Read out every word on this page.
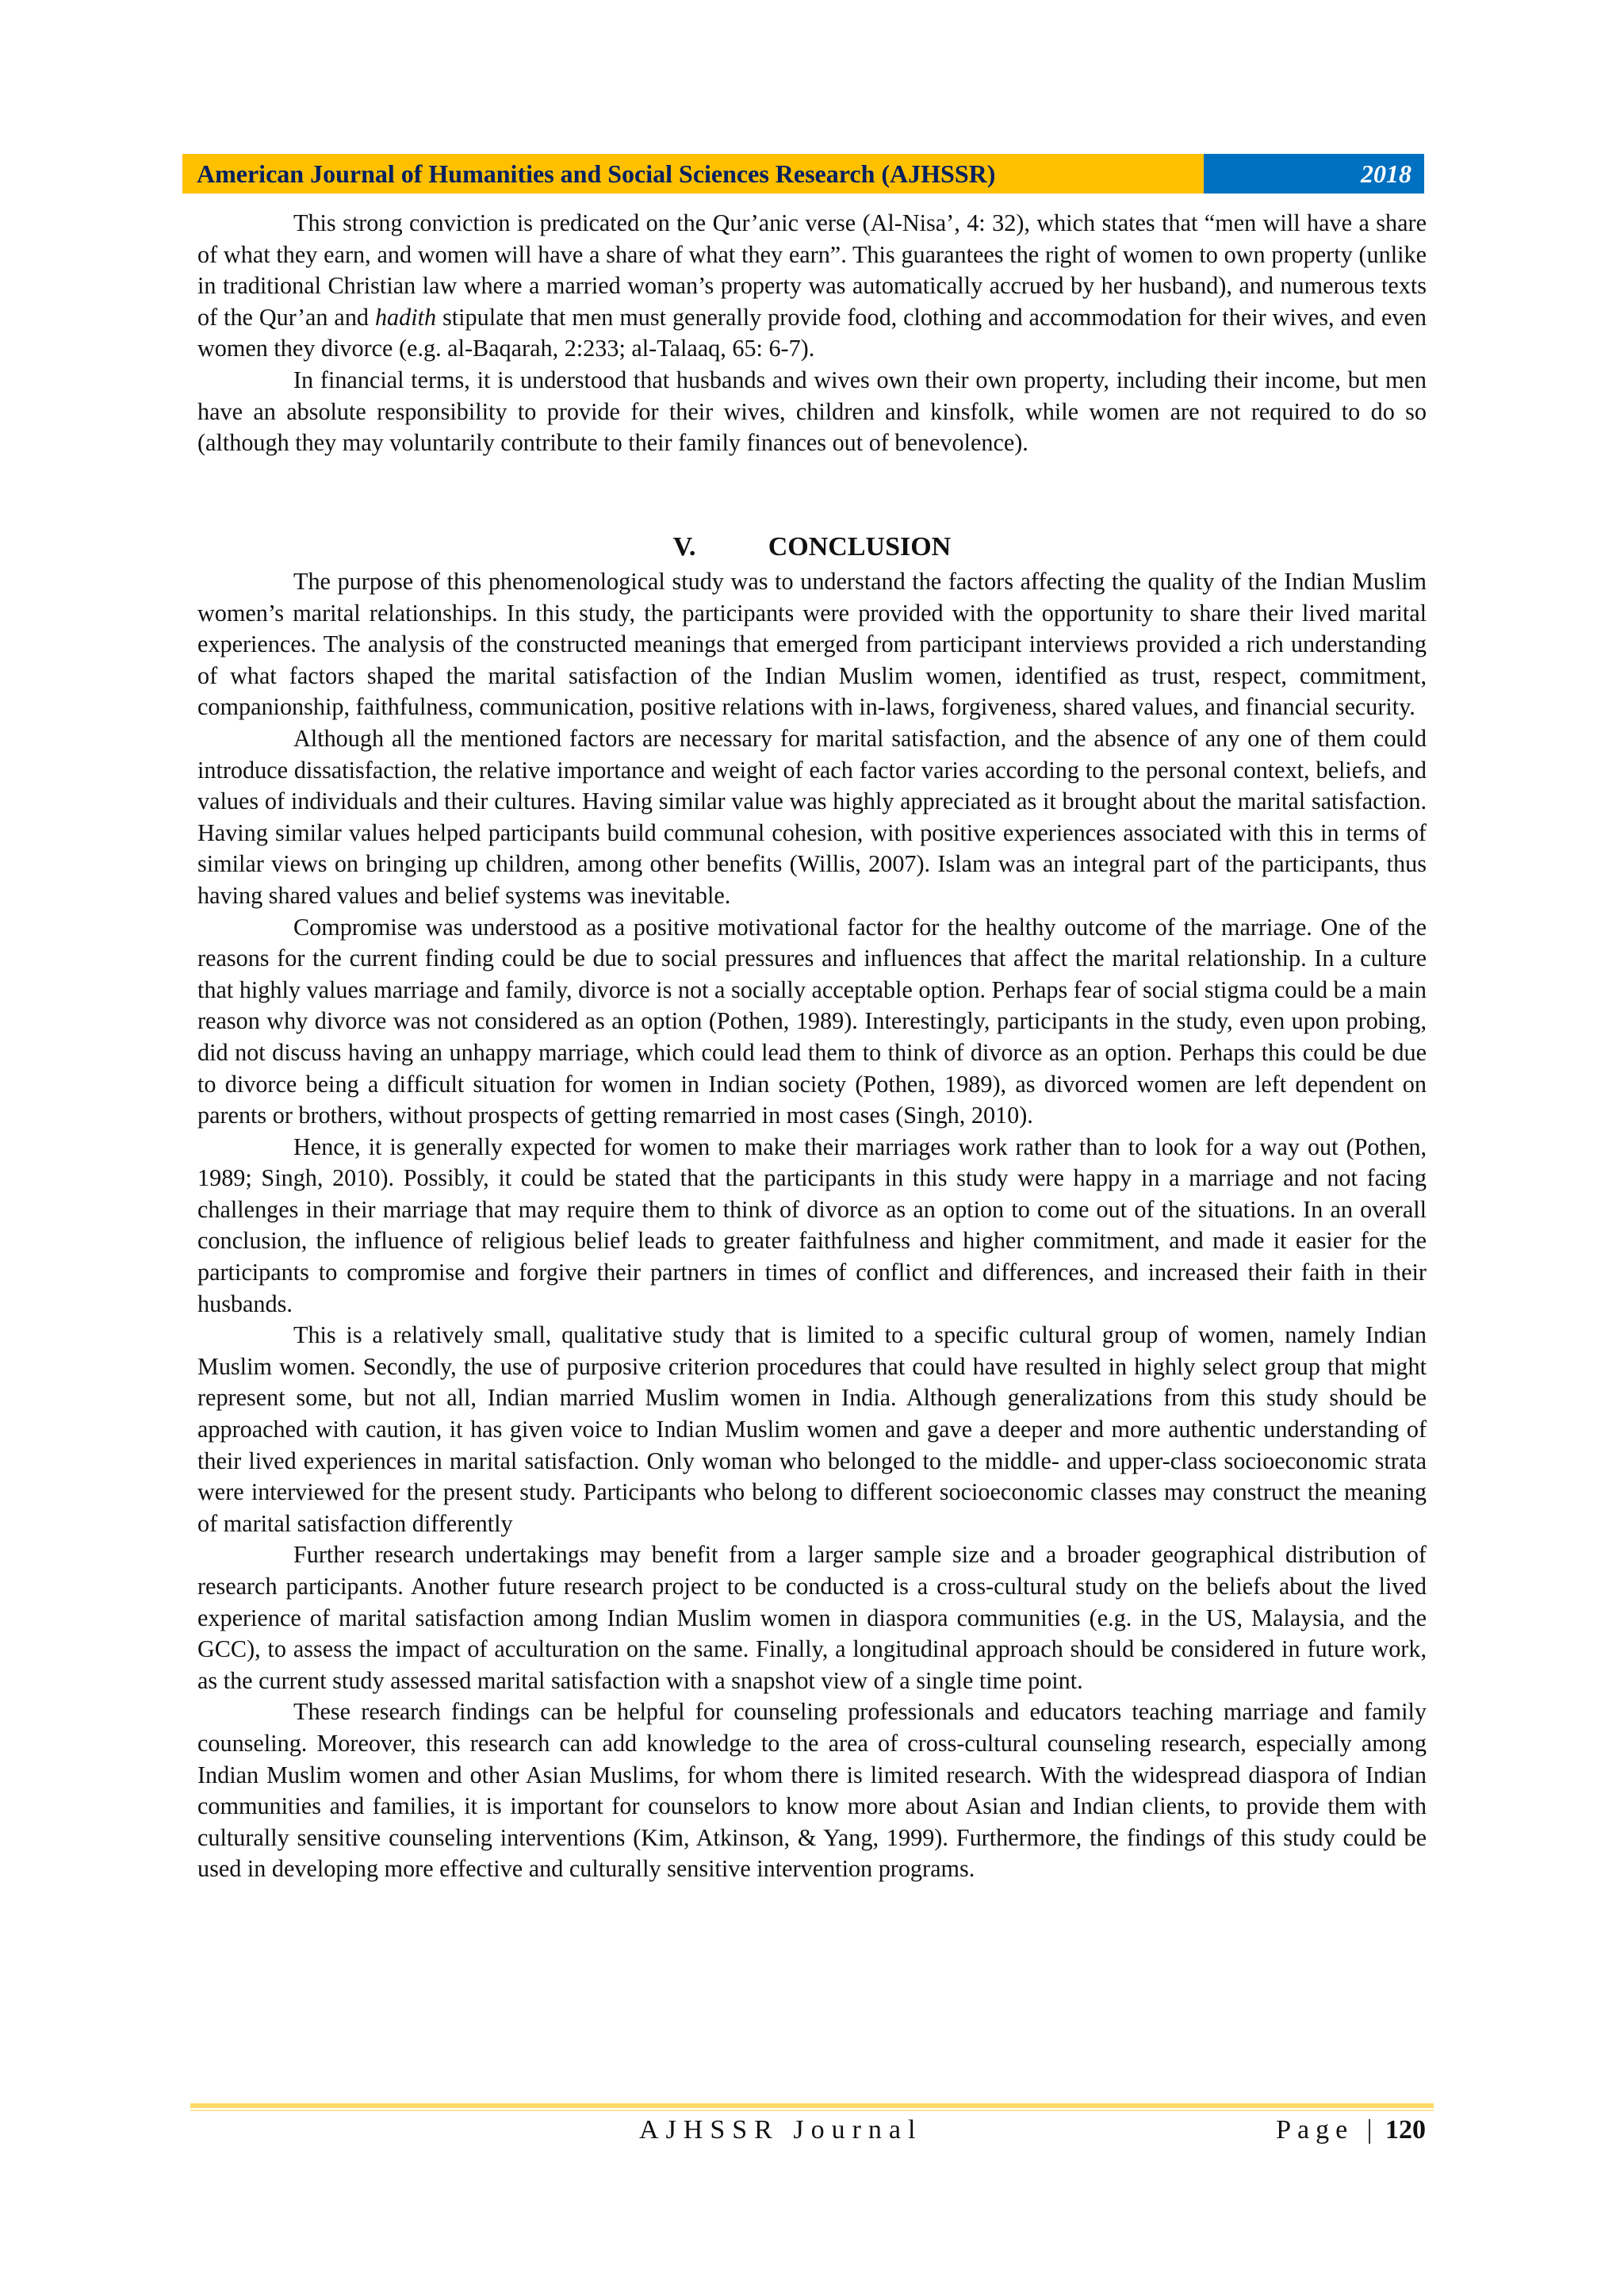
American Journal of Humanities and Social Sciences Research (AJHSSR)	2018

This strong conviction is predicated on the Qur’anic verse (Al-Nisa’, 4: 32), which states that “men will have a share of what they earn, and women will have a share of what they earn”. This guarantees the right of women to own property (unlike in traditional Christian law where a married woman’s property was automatically accrued by her husband), and numerous texts of the Qur’an and hadith stipulate that men must generally provide food, clothing and accommodation for their wives, and even women they divorce (e.g. al-Baqarah, 2:233; al-Talaaq, 65: 6-7).

In financial terms, it is understood that husbands and wives own their own property, including their income, but men have an absolute responsibility to provide for their wives, children and kinsfolk, while women are not required to do so (although they may voluntarily contribute to their family finances out of benevolence).

V.	CONCLUSION

The purpose of this phenomenological study was to understand the factors affecting the quality of the Indian Muslim women’s marital relationships. In this study, the participants were provided with the opportunity to share their lived marital experiences. The analysis of the constructed meanings that emerged from participant interviews provided a rich understanding of what factors shaped the marital satisfaction of the Indian Muslim women, identified as trust, respect, commitment, companionship, faithfulness, communication, positive relations with in-laws, forgiveness, shared values, and financial security.

Although all the mentioned factors are necessary for marital satisfaction, and the absence of any one of them could introduce dissatisfaction, the relative importance and weight of each factor varies according to the personal context, beliefs, and values of individuals and their cultures. Having similar value was highly appreciated as it brought about the marital satisfaction. Having similar values helped participants build communal cohesion, with positive experiences associated with this in terms of similar views on bringing up children, among other benefits (Willis, 2007). Islam was an integral part of the participants, thus having shared values and belief systems was inevitable.

Compromise was understood as a positive motivational factor for the healthy outcome of the marriage. One of the reasons for the current finding could be due to social pressures and influences that affect the marital relationship. In a culture that highly values marriage and family, divorce is not a socially acceptable option. Perhaps fear of social stigma could be a main reason why divorce was not considered as an option (Pothen, 1989). Interestingly, participants in the study, even upon probing, did not discuss having an unhappy marriage, which could lead them to think of divorce as an option. Perhaps this could be due to divorce being a difficult situation for women in Indian society (Pothen, 1989), as divorced women are left dependent on parents or brothers, without prospects of getting remarried in most cases (Singh, 2010).

Hence, it is generally expected for women to make their marriages work rather than to look for a way out (Pothen, 1989; Singh, 2010). Possibly, it could be stated that the participants in this study were happy in a marriage and not facing challenges in their marriage that may require them to think of divorce as an option to come out of the situations. In an overall conclusion, the influence of religious belief leads to greater faithfulness and higher commitment, and made it easier for the participants to compromise and forgive their partners in times of conflict and differences, and increased their faith in their husbands.

This is a relatively small, qualitative study that is limited to a specific cultural group of women, namely Indian Muslim women. Secondly, the use of purposive criterion procedures that could have resulted in highly select group that might represent some, but not all, Indian married Muslim women in India. Although generalizations from this study should be approached with caution, it has given voice to Indian Muslim women and gave a deeper and more authentic understanding of their lived experiences in marital satisfaction. Only woman who belonged to the middle- and upper-class socioeconomic strata were interviewed for the present study. Participants who belong to different socioeconomic classes may construct the meaning of marital satisfaction differently

Further research undertakings may benefit from a larger sample size and a broader geographical distribution of research participants. Another future research project to be conducted is a cross-cultural study on the beliefs about the lived experience of marital satisfaction among Indian Muslim women in diaspora communities (e.g. in the US, Malaysia, and the GCC), to assess the impact of acculturation on the same. Finally, a longitudinal approach should be considered in future work, as the current study assessed marital satisfaction with a snapshot view of a single time point.

These research findings can be helpful for counseling professionals and educators teaching marriage and family counseling. Moreover, this research can add knowledge to the area of cross-cultural counseling research, especially among Indian Muslim women and other Asian Muslims, for whom there is limited research. With the widespread diaspora of Indian communities and families, it is important for counselors to know more about Asian and Indian clients, to provide them with culturally sensitive counseling interventions (Kim, Atkinson, & Yang, 1999). Furthermore, the findings of this study could be used in developing more effective and culturally sensitive intervention programs.

AJHSSR Journal	Page | 120
